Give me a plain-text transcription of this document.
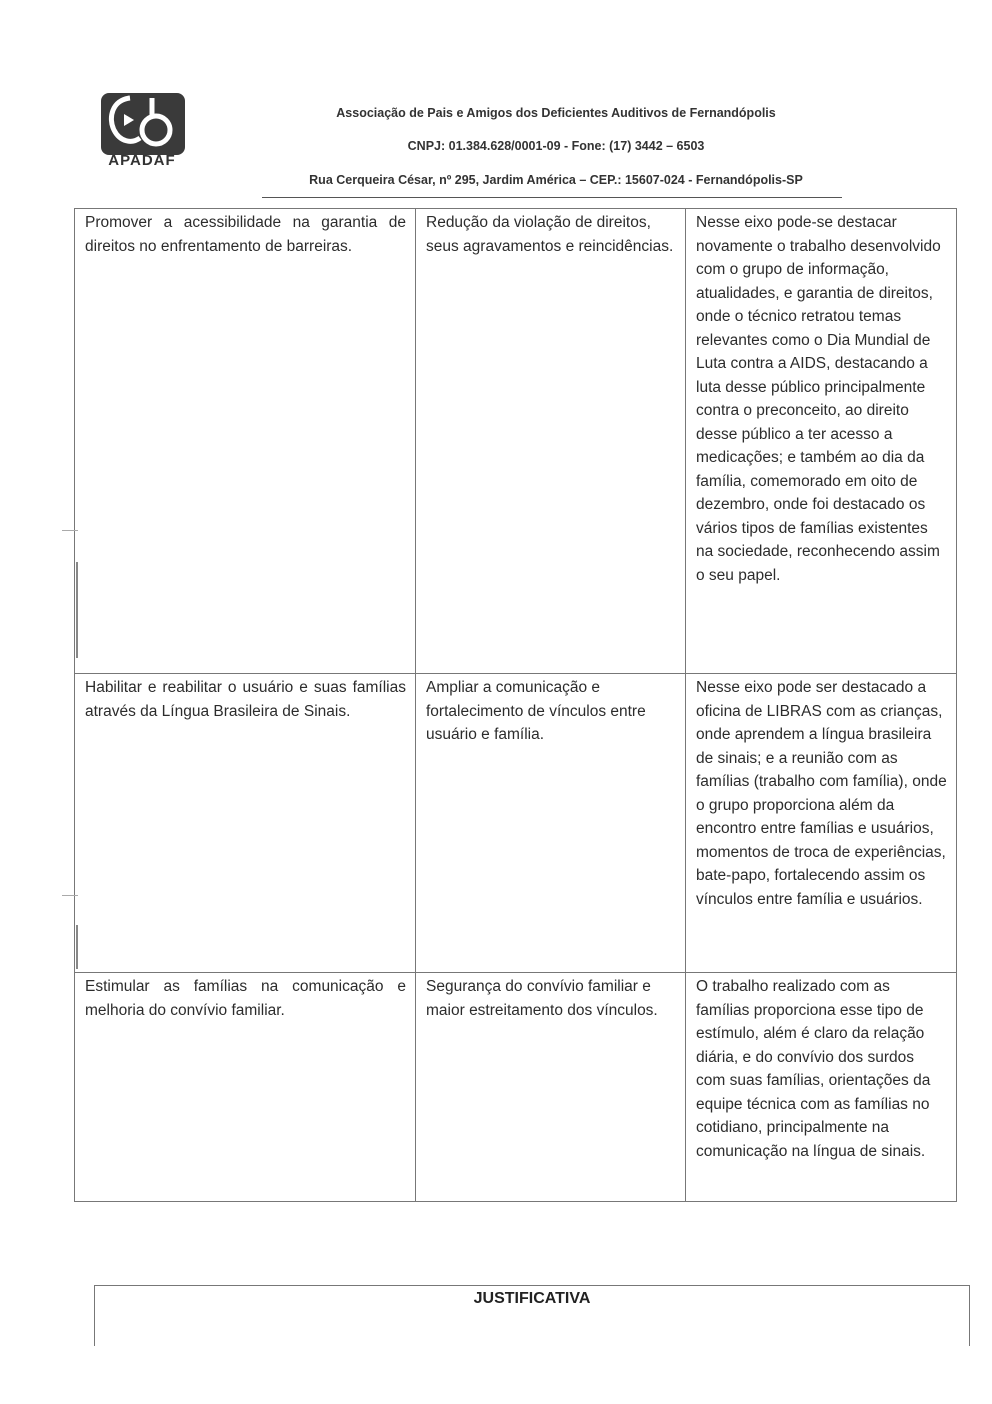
APADAF
Associação de Pais e Amigos dos Deficientes Auditivos de Fernandópolis
CNPJ: 01.384.628/0001-09 - Fone: (17) 3442 – 6503
Rua Cerqueira César, nº 295, Jardim América – CEP.: 15607-024 - Fernandópolis-SP
Promover a acessibilidade na garantia de direitos no enfrentamento de barreiras.	Redução da violação de direitos, seus agravamentos e reincidências.	Nesse eixo pode-se destacar novamente o trabalho desenvolvido com o grupo de informação, atualidades, e garantia de direitos, onde o técnico retratou temas relevantes como o Dia Mundial de Luta contra a AIDS, destacando a luta desse público principalmente contra o preconceito, ao direito desse público a ter acesso a medicações; e também ao dia da família, comemorado em oito de dezembro, onde foi destacado os vários tipos de famílias existentes na sociedade, reconhecendo assim o seu papel.
Habilitar e reabilitar o usuário e suas famílias através da Língua Brasileira de Sinais.	Ampliar a comunicação e fortalecimento de vínculos entre usuário e família.	Nesse eixo pode ser destacado a oficina de LIBRAS com as crianças, onde aprendem a língua brasileira de sinais; e a reunião com as famílias (trabalho com família), onde o grupo proporciona além da encontro entre famílias e usuários, momentos de troca de experiências, bate-papo, fortalecendo assim os vínculos entre família e usuários.
Estimular as famílias na comunicação e melhoria do convívio familiar.	Segurança do convívio familiar e maior estreitamento dos vínculos.	O trabalho realizado com as famílias proporciona esse tipo de estímulo, além é claro da relação diária, e do convívio dos surdos com suas famílias, orientações da equipe técnica com as famílias no cotidiano, principalmente na comunicação na língua de sinais.
JUSTIFICATIVA
